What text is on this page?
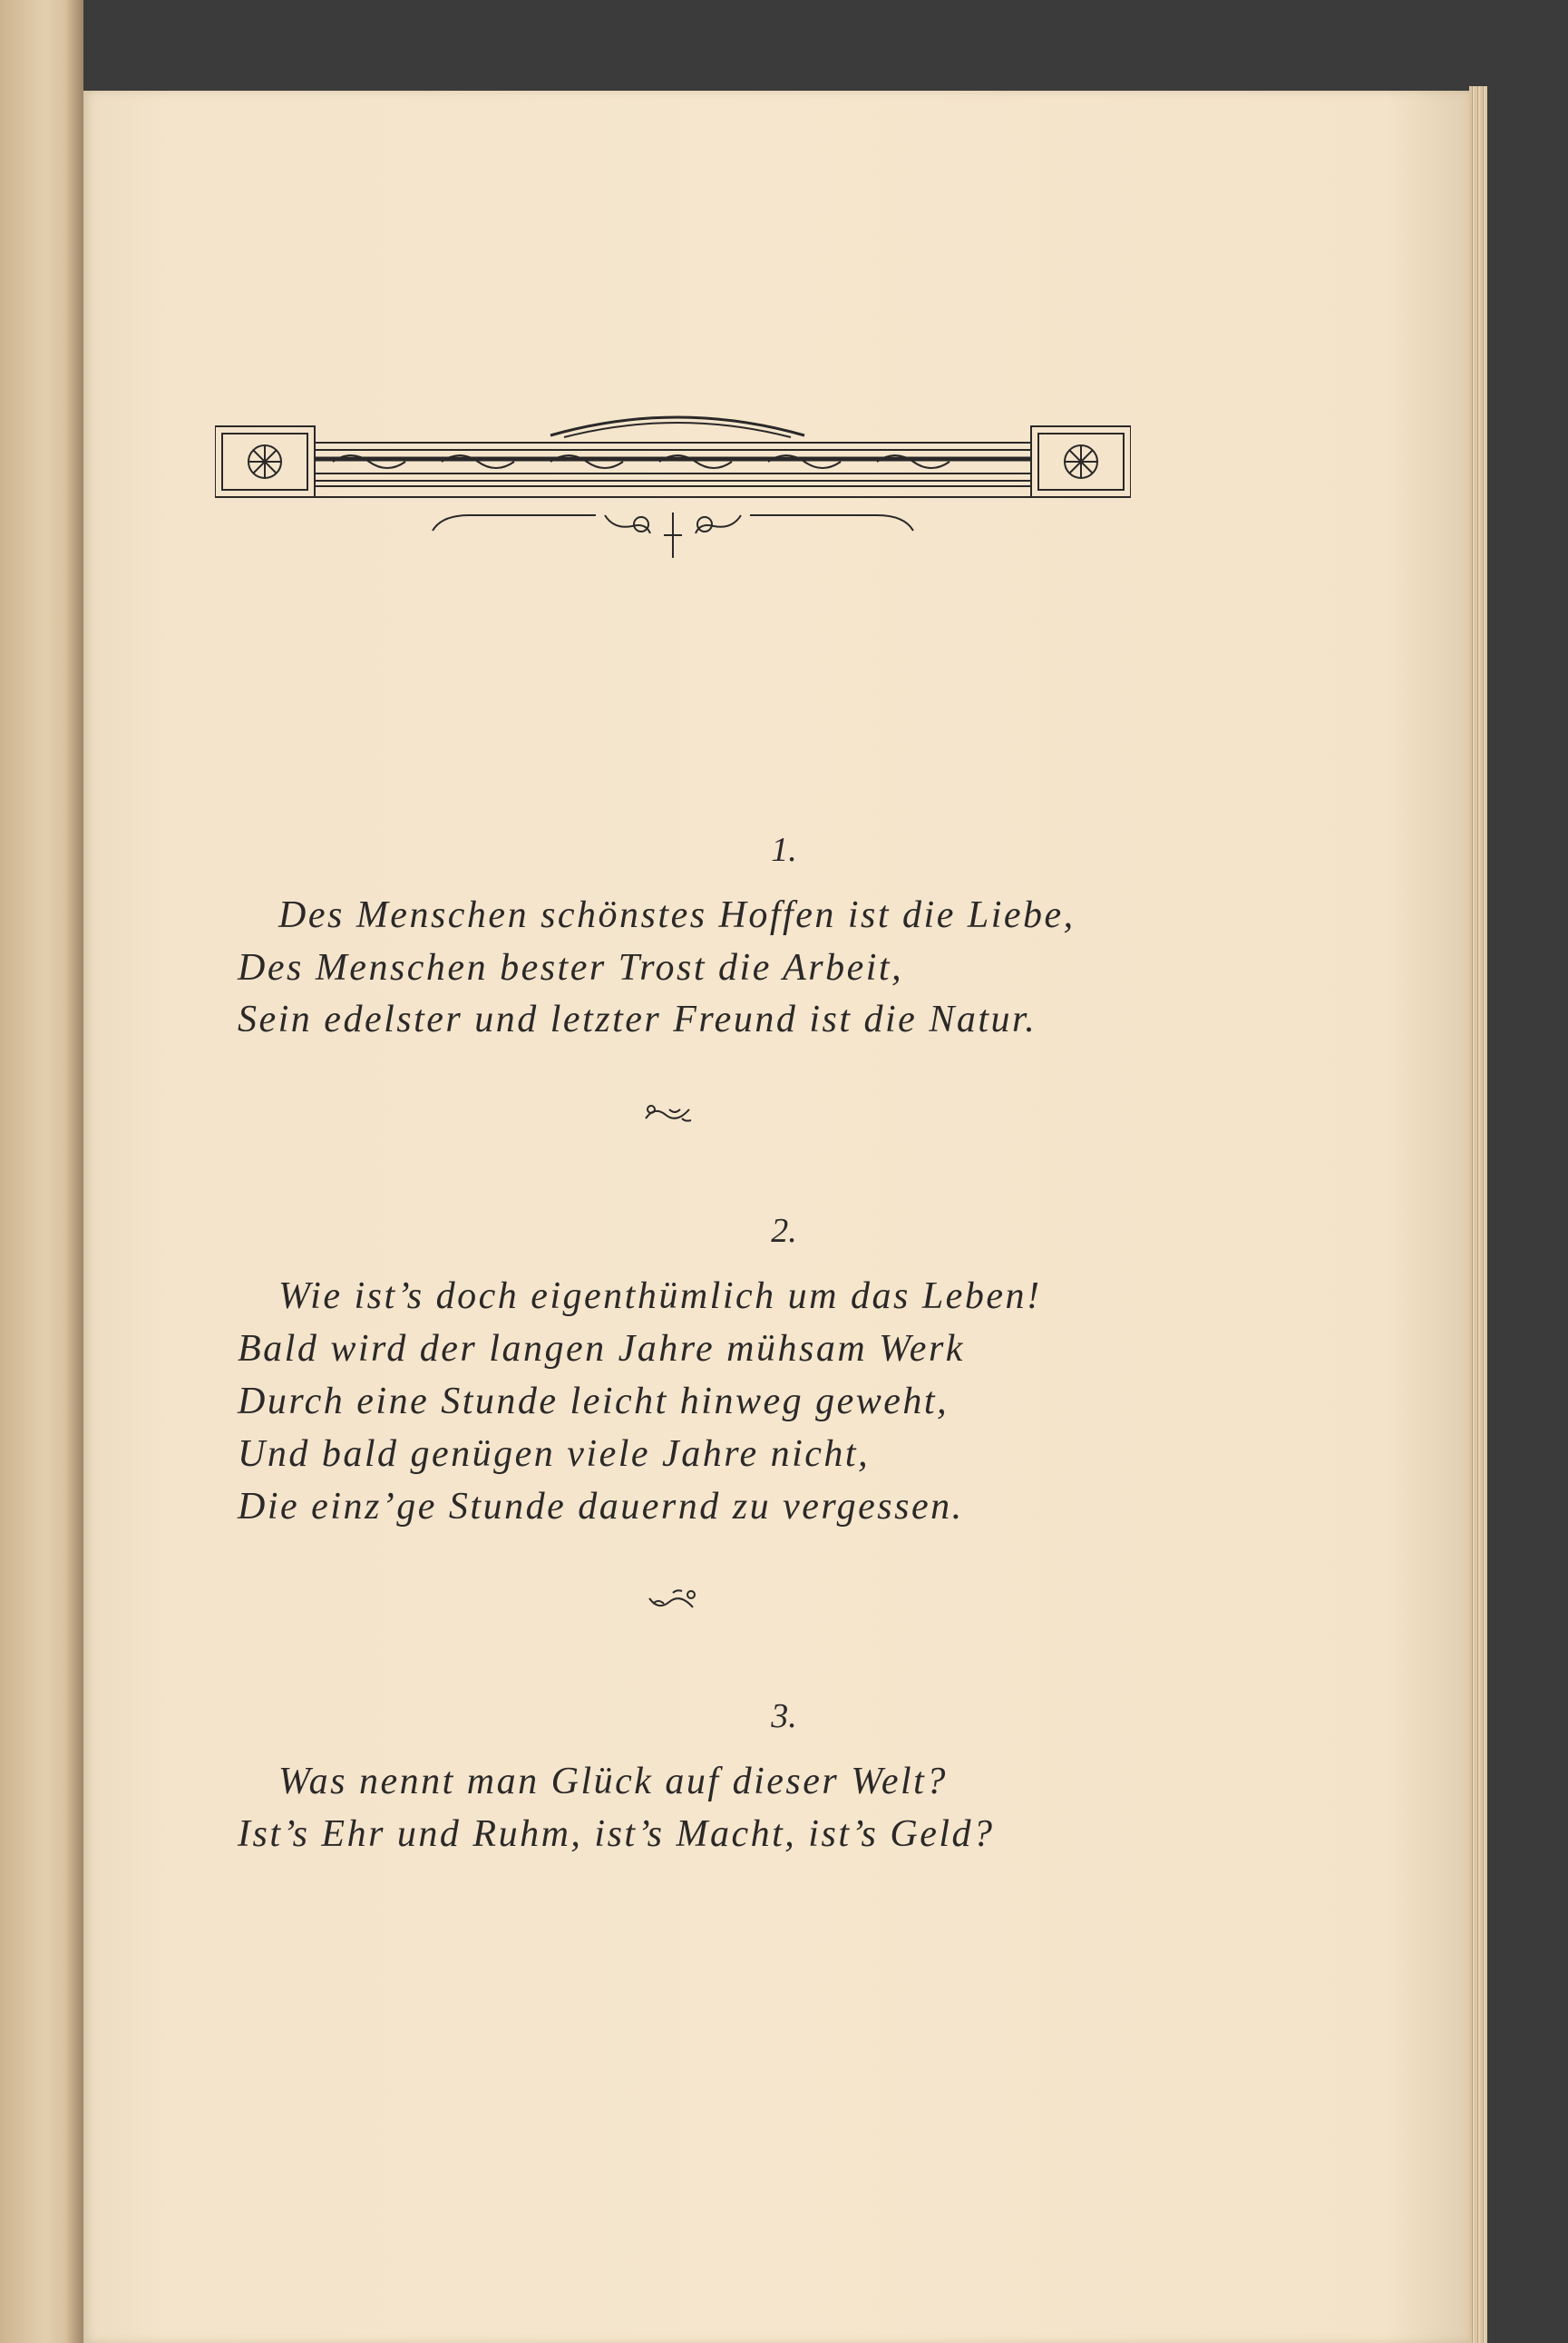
1.
Des Menschen schönstes Hoffen ist die Liebe,
Des Menschen bester Trost die Arbeit,
Sein edelster und letzter Freund ist die Natur.
2.
Wie ist’s doch eigenthümlich um das Leben!
Bald wird der langen Jahre mühsam Werk
Durch eine Stunde leicht hinweg geweht,
Und bald genügen viele Jahre nicht,
Die einz’ge Stunde dauernd zu vergessen.
3.
Was nennt man Glück auf dieser Welt?
Ist’s Ehr und Ruhm, ist’s Macht, ist’s Geld?
